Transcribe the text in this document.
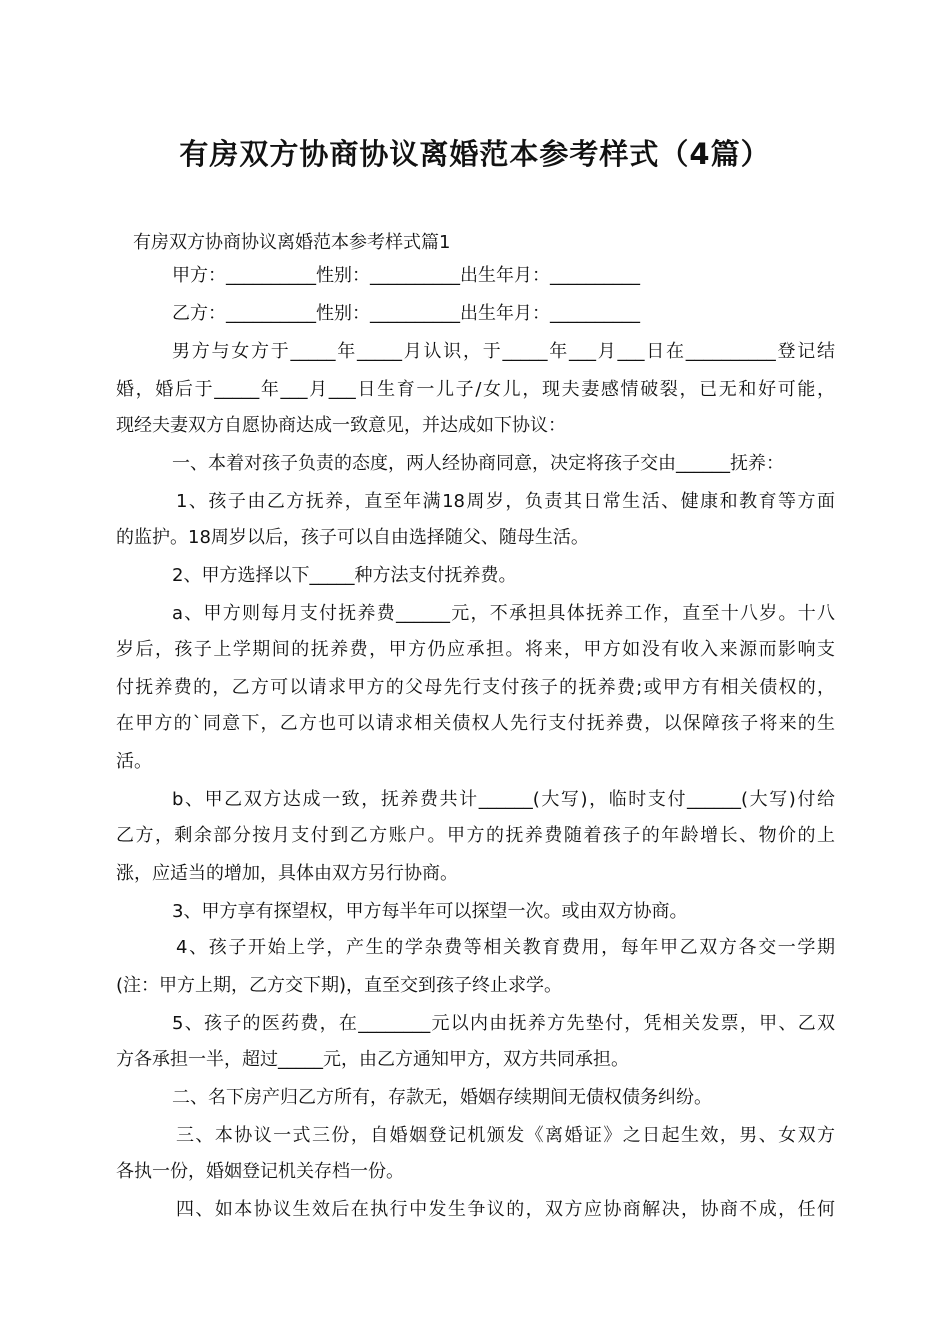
有房双方协商协议离婚范本参考样式（4篇）
有房双方协商协议离婚范本参考样式篇1
甲方：__________性别：__________出生年月：__________
乙方：__________性别：__________出生年月：__________
男方与女方于_____年_____月认识，于_____年___月___日在__________登记结
婚，婚后于_____年___月___日生育一儿子/女儿，现夫妻感情破裂，已无和好可能，
现经夫妻双方自愿协商达成一致意见，并达成如下协议：
一、本着对孩子负责的态度，两人经协商同意，决定将孩子交由______抚养：
1、孩子由乙方抚养，直至年满18周岁，负责其日常生活、健康和教育等方面
的监护。18周岁以后，孩子可以自由选择随父、随母生活。
2、甲方选择以下_____种方法支付抚养费。
a、甲方则每月支付抚养费______元，不承担具体抚养工作，直至十八岁。十八
岁后，孩子上学期间的抚养费，甲方仍应承担。将来，甲方如没有收入来源而影响支
付抚养费的，乙方可以请求甲方的父母先行支付孩子的抚养费;或甲方有相关债权的，
在甲方的`同意下，乙方也可以请求相关债权人先行支付抚养费，以保障孩子将来的生
活。
b、甲乙双方达成一致，抚养费共计______(大写)，临时支付______(大写)付给
乙方，剩余部分按月支付到乙方账户。甲方的抚养费随着孩子的年龄增长、物价的上
涨，应适当的增加，具体由双方另行协商。
3、甲方享有探望权，甲方每半年可以探望一次。或由双方协商。
4、孩子开始上学，产生的学杂费等相关教育费用，每年甲乙双方各交一学期
(注：甲方上期，乙方交下期)，直至交到孩子终止求学。
5、孩子的医药费，在________元以内由抚养方先垫付，凭相关发票，甲、乙双
方各承担一半，超过_____元，由乙方通知甲方，双方共同承担。
二、名下房产归乙方所有，存款无，婚姻存续期间无债权债务纠纷。
三、本协议一式三份，自婚姻登记机颁发《离婚证》之日起生效，男、女双方
各执一份，婚姻登记机关存档一份。
四、如本协议生效后在执行中发生争议的，双方应协商解决，协商不成，任何
